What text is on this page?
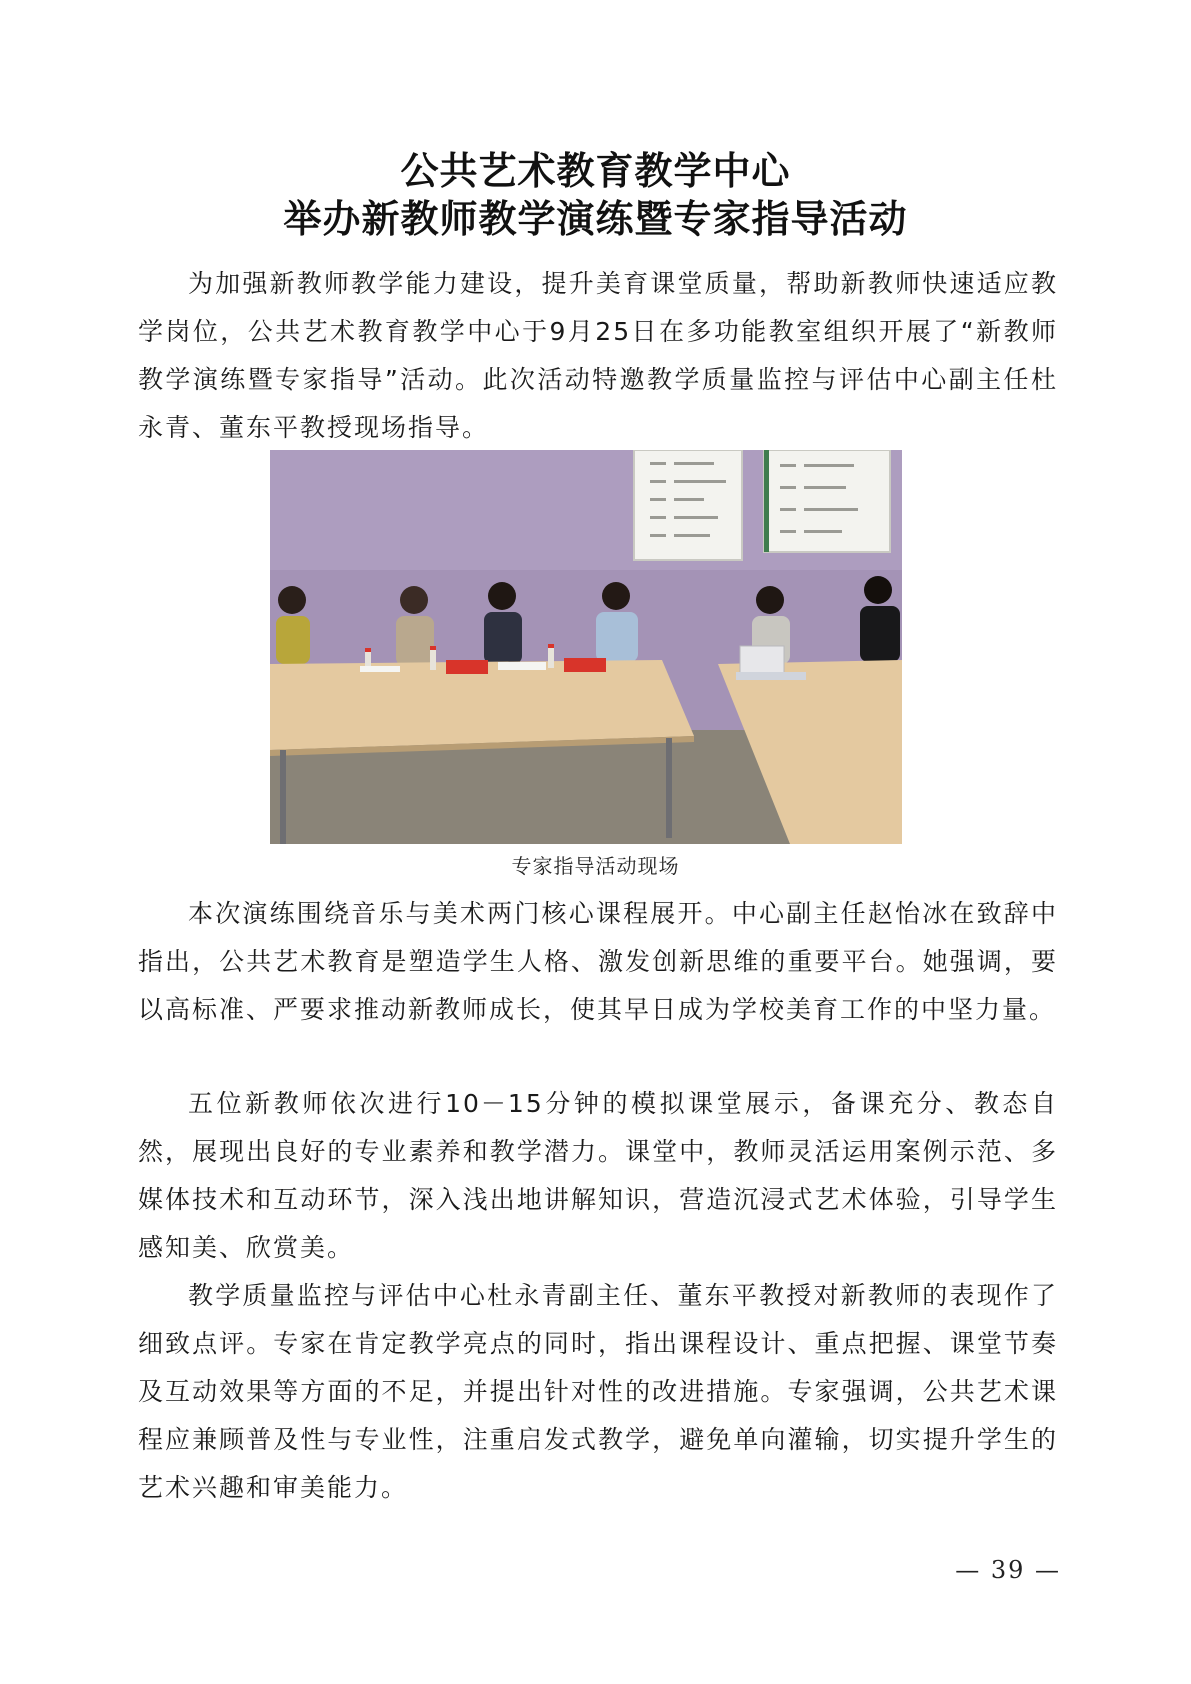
公共艺术教育教学中心
举办新教师教学演练暨专家指导活动

为加强新教师教学能力建设，提升美育课堂质量，帮助新教师快速适应教学岗位，公共艺术教育教学中心于9月25日在多功能教室组织开展了“新教师教学演练暨专家指导”活动。此次活动特邀教学质量监控与评估中心副主任杜永青、董东平教授现场指导。

专家指导活动现场

本次演练围绕音乐与美术两门核心课程展开。中心副主任赵怡冰在致辞中指出，公共艺术教育是塑造学生人格、激发创新思维的重要平台。她强调，要以高标准、严要求推动新教师成长，使其早日成为学校美育工作的中坚力量。

五位新教师依次进行10－15分钟的模拟课堂展示，备课充分、教态自然，展现出良好的专业素养和教学潜力。课堂中，教师灵活运用案例示范、多媒体技术和互动环节，深入浅出地讲解知识，营造沉浸式艺术体验，引导学生感知美、欣赏美。

教学质量监控与评估中心杜永青副主任、董东平教授对新教师的表现作了细致点评。专家在肯定教学亮点的同时，指出课程设计、重点把握、课堂节奏及互动效果等方面的不足，并提出针对性的改进措施。专家强调，公共艺术课程应兼顾普及性与专业性，注重启发式教学，避免单向灌输，切实提升学生的艺术兴趣和审美能力。

— 39 —
